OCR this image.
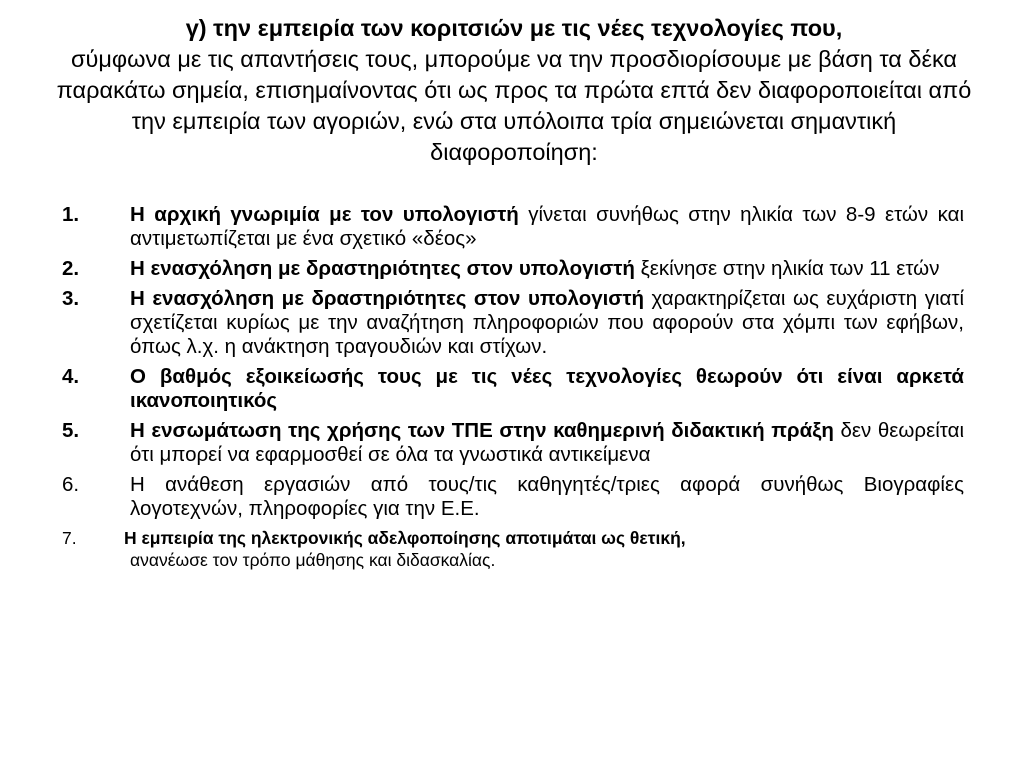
γ) την εμπειρία των κοριτσιών με τις νέες τεχνολογίες που,
σύμφωνα με τις απαντήσεις τους, μπορούμε να την προσδιορίσουμε με βάση τα δέκα παρακάτω σημεία, επισημαίνοντας ότι ως προς τα πρώτα επτά δεν διαφοροποιείται από την εμπειρία των αγοριών, ενώ στα υπόλοιπα τρία σημειώνεται σημαντική διαφοροποίηση:
1. Η αρχική γνωριμία με τον υπολογιστή γίνεται συνήθως στην ηλικία των 8-9 ετών και αντιμετωπίζεται με ένα σχετικό «δέος»
2. Η ενασχόληση με δραστηριότητες στον υπολογιστή ξεκίνησε στην ηλικία των 11 ετών
3. Η ενασχόληση με δραστηριότητες στον υπολογιστή χαρακτηρίζεται ως ευχάριστη γιατί σχετίζεται κυρίως με την αναζήτηση πληροφοριών που αφορούν στα χόμπι των εφήβων, όπως λ.χ. η ανάκτηση τραγουδιών και στίχων.
4. Ο βαθμός εξοικείωσής τους με τις νέες τεχνολογίες θεωρούν ότι είναι αρκετά ικανοποιητικός
5. Η ενσωμάτωση της χρήσης των ΤΠΕ στην καθημερινή διδακτική πράξη δεν θεωρείται ότι μπορεί να εφαρμοσθεί σε όλα τα γνωστικά αντικείμενα
6. Η ανάθεση εργασιών από τους/τις καθηγητές/τριες αφορά συνήθως Βιογραφίες λογοτεχνών, πληροφορίες για την Ε.Ε.
7.	Η εμπειρία της ηλεκτρονικής αδελφοποίησης αποτιμάται ως θετική,
ανανέωσε τον τρόπο μάθησης και διδασκαλίας.
